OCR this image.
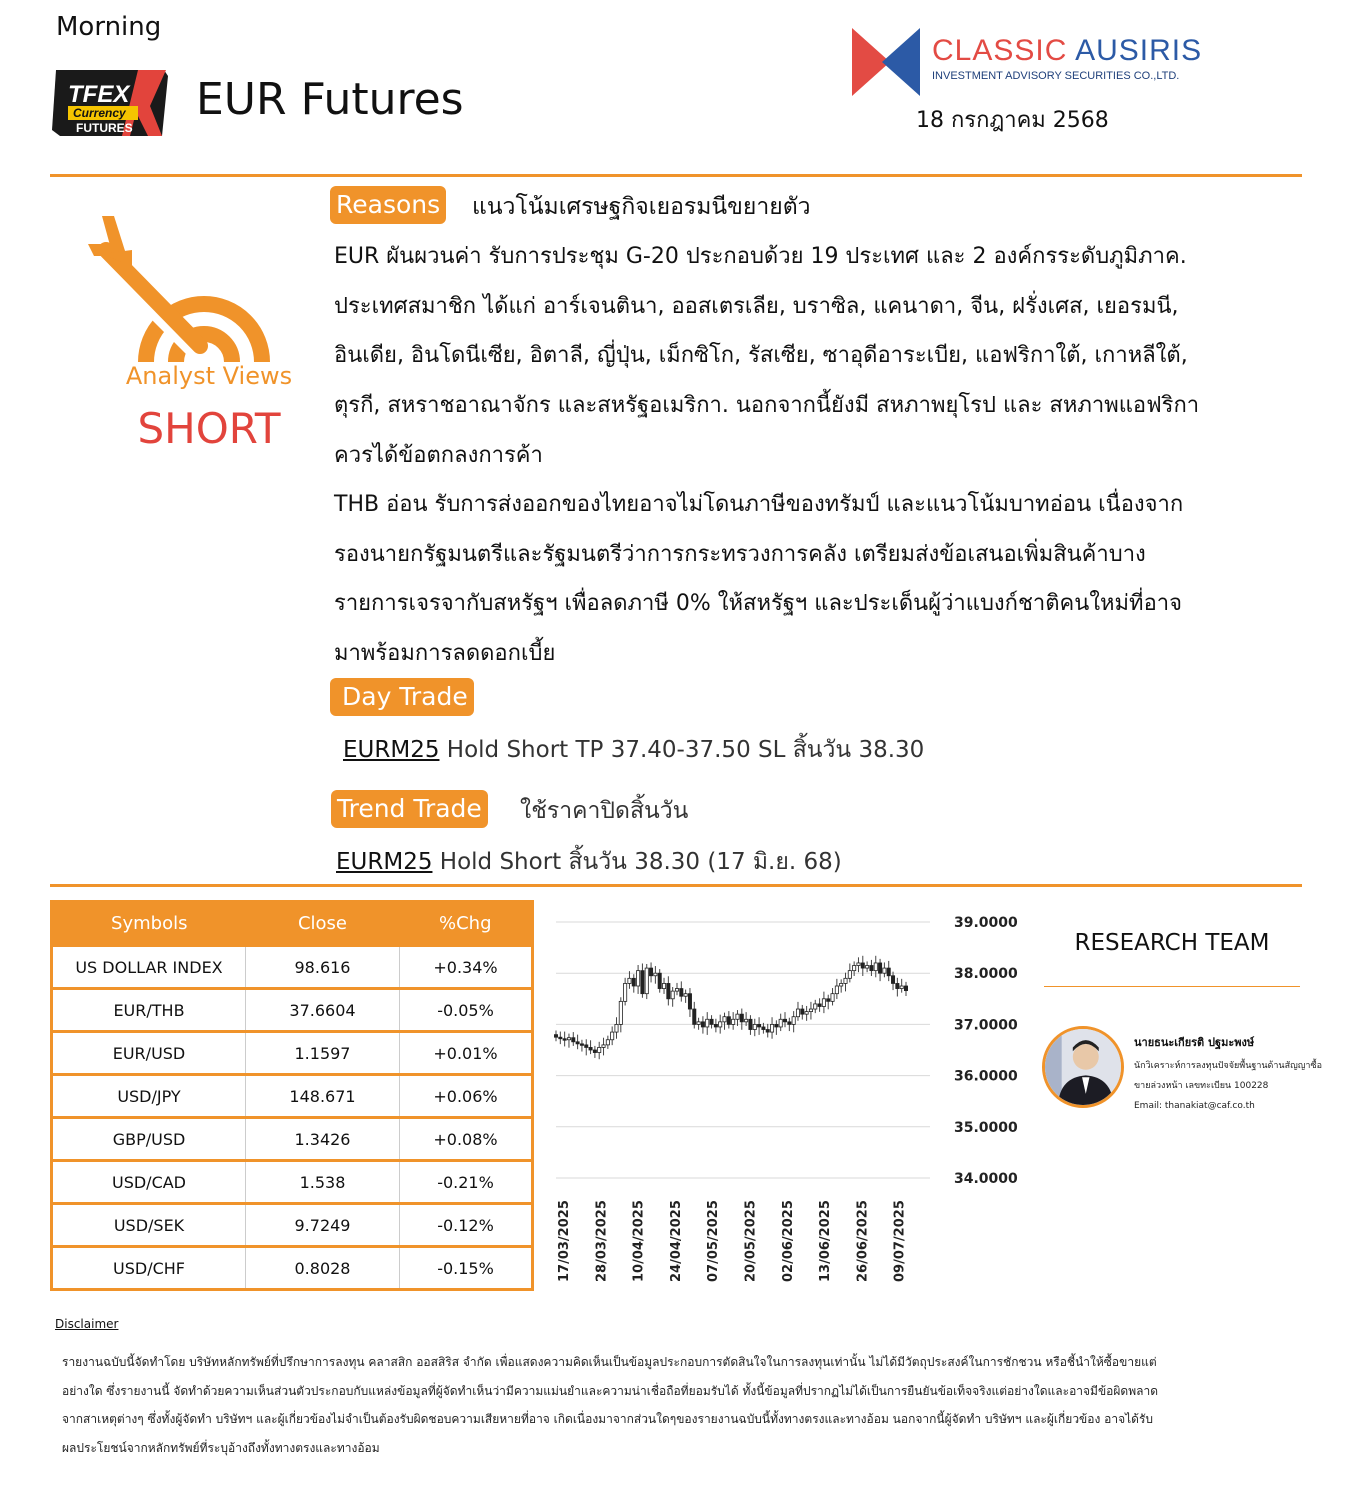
Morning
TFEX
Currency
FUTURES
EUR Futures
CLASSIC AUSIRIS
INVESTMENT ADVISORY SECURITIES CO.,LTD.
18 กรกฎาคม 2568
Analyst Views
SHORT
Reasons แนวโน้มเศรษฐกิจเยอรมนีขยายตัว

EUR ผันผวนค่า รับการประชุม G-20 ประกอบด้วย 19 ประเทศ และ 2 องค์กรระดับภูมิภาค.

ประเทศสมาชิก ได้แก่ อาร์เจนตินา, ออสเตรเลีย, บราซิล, แคนาดา, จีน, ฝรั่งเศส, เยอรมนี,

อินเดีย, อินโดนีเซีย, อิตาลี, ญี่ปุ่น, เม็กซิโก, รัสเซีย, ซาอุดีอาระเบีย, แอฟริกาใต้, เกาหลีใต้,

ตุรกี, สหราชอาณาจักร และสหรัฐอเมริกา. นอกจากนี้ยังมี สหภาพยุโรป และ สหภาพแอฟริกา

ควรได้ข้อตกลงการค้า

THB อ่อน รับการส่งออกของไทยอาจไม่โดนภาษีของทรัมป์ และแนวโน้มบาทอ่อน เนื่องจาก

รองนายกรัฐมนตรีและรัฐมนตรีว่าการกระทรวงการคลัง เตรียมส่งข้อเสนอเพิ่มสินค้าบาง

รายการเจรจากับสหรัฐฯ เพื่อลดภาษี 0% ให้สหรัฐฯ และประเด็นผู้ว่าแบงก์ชาติคนใหม่ที่อาจ

มาพร้อมการลดดอกเบี้ย

Day Trade
EURM25 Hold Short TP 37.40-37.50 SL สิ้นวัน 38.30
Trend Trade ใช้ราคาปิดสิ้นวัน
EURM25 Hold Short สิ้นวัน 38.30 (17 มิ.ย. 68)
Symbols	Close	%Chg
US DOLLAR INDEX	98.616	+0.34%
EUR/THB	37.6604	-0.05%
EUR/USD	1.1597	+0.01%
USD/JPY	148.671	+0.06%
GBP/USD	1.3426	+0.08%
USD/CAD	1.538	-0.21%
USD/SEK	9.7249	-0.12%
USD/CHF	0.8028	-0.15%
39.0000
38.0000
37.0000
36.0000
35.0000
34.0000
17/03/2025 28/03/2025 10/04/2025 24/04/2025 07/05/2025 20/05/2025 02/06/2025 13/06/2025 26/06/2025 09/07/2025
RESEARCH TEAM
นายธนะเกียรติ ปฐมะพงษ์
นักวิเคราะห์การลงทุนปัจจัยพื้นฐานด้านสัญญาซื้อ
ขายล่วงหน้า เลขทะเบียน 100228
Email: thanakiat@caf.co.th
Disclaimer

รายงานฉบับนี้จัดทำโดย บริษัทหลักทรัพย์ที่ปรึกษาการลงทุน คลาสสิก ออสสิริส จำกัด เพื่อแสดงความคิดเห็นเป็นข้อมูลประกอบการตัดสินใจในการลงทุนเท่านั้น ไม่ได้มีวัตถุประสงค์ในการชักชวน หรือชี้นำให้ซื้อขายแต่

อย่างใด ซึ่งรายงานนี้ จัดทำด้วยความเห็นส่วนตัวประกอบกับแหล่งข้อมูลที่ผู้จัดทำเห็นว่ามีความแม่นยำและความน่าเชื่อถือที่ยอมรับได้ ทั้งนี้ข้อมูลที่ปรากฏไม่ได้เป็นการยืนยันข้อเท็จจริงแต่อย่างใดและอาจมีข้อผิดพลาด

จากสาเหตุต่างๆ ซึ่งทั้งผู้จัดทำ บริษัทฯ และผู้เกี่ยวข้องไม่จำเป็นต้องรับผิดชอบความเสียหายที่อาจ เกิดเนื่องมาจากส่วนใดๆของรายงานฉบับนี้ทั้งทางตรงและทางอ้อม นอกจากนี้ผู้จัดทำ บริษัทฯ และผู้เกี่ยวข้อง อาจได้รับ

ผลประโยชน์จากหลักทรัพย์ที่ระบุอ้างถึงทั้งทางตรงและทางอ้อม
